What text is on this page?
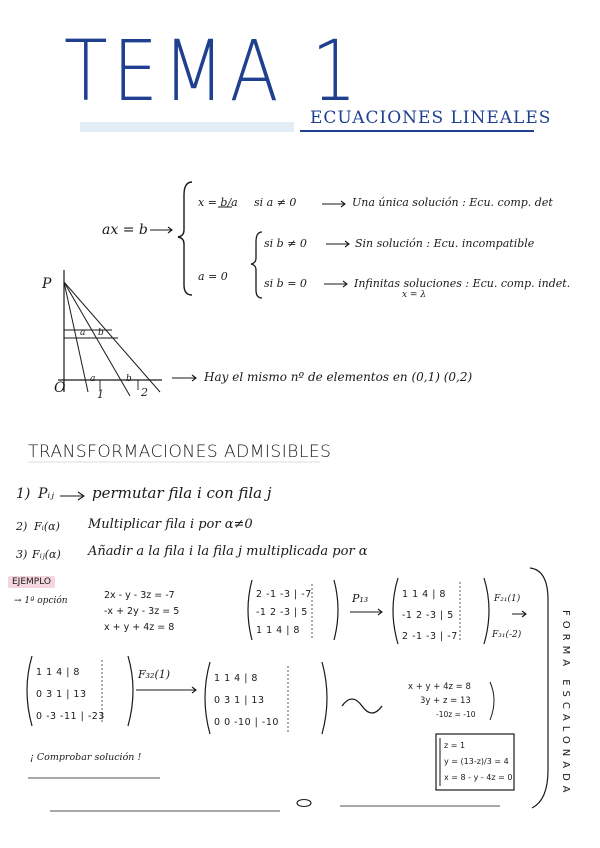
TEMA 1
ECUACIONES LINEALES
ax = b
x = b/a si a ≠ 0	Una única solución : Ecu. comp. det
a = 0
si b ≠ 0	Sin solución : Ecu. incompatible
si b = 0	Infinitas soluciones : Ecu. comp. indet.
x = λ
P
O
a b
1	2
a	b	Hay el mismo nº de elementos en (0,1) (0,2)
TRANSFORMACIONES ADMISIBLES
1) Pᵢⱼ	permutar fila i con fila j
2) Fᵢ(α) Multiplicar fila i por α≠0
3) Fᵢⱼ(α) Añadir a la fila i la fila j multiplicada por α
EJEMPLO
→ 1ª opción	2x - y - 3z = -7
-x + 2y - 3z = 5
x + y + 4z = 8
2 -1 -3 | -7
-1 2 -3 | 5
1 1 4 | 8
P₁₃	1 1 4 | 8
-1 2 -3 | 5
2 -1 -3 | -7
F₂₁(1)
F₃₁(-2)
1 1 4 | 8
0 3 1 | 13
0 -3 -11 | -23
F₃₂(1)	1 1 4 | 8
0 3 1 | 13
0 0 -10 | -10
x + y + 4z = 8
3y + z = 13
-10z = -10
z = 1
y = (13-z)/3 = 4
x = 8 - y - 4z = 0
¡ Comprobar solución !	FORMA ESCALONADA
